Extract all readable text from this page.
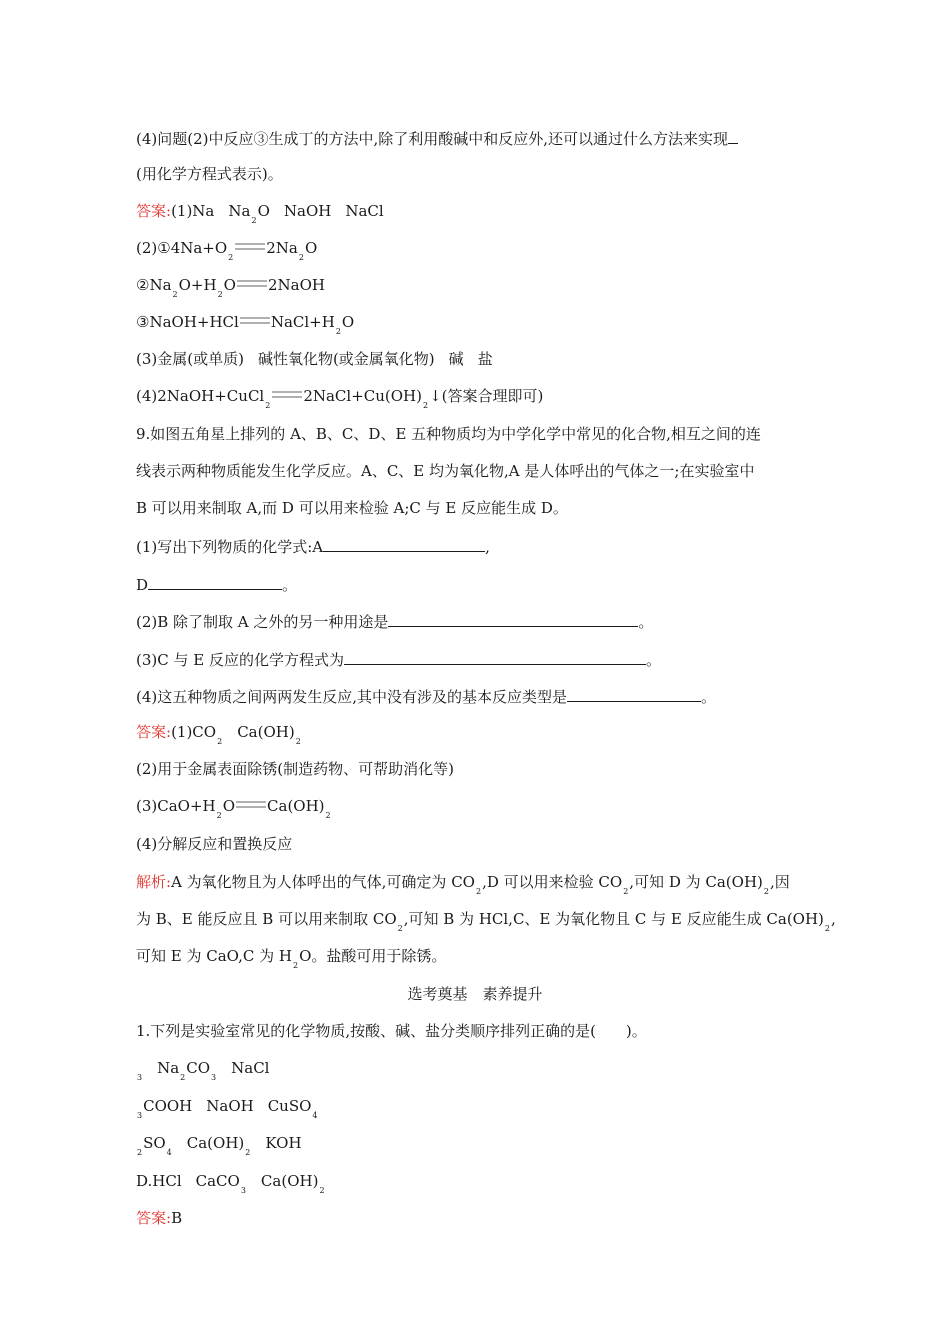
(4)问题(2)中反应③生成丁的方法中,除了利用酸碱中和反应外,还可以通过什么方法来实现
(用化学方程式表示)。
答案:(1)Na $Na_2O$ NaOH NaCl
$(2)①4Na+O_22Na_2O$
$②Na_2O+H_2O$ 2NaOH
③NaOH+HCl $NaCl+H_2O$
(3)金属(或单质) 碱性氧化物(或金属氧化物) 碱 盐
$(4)2NaOH+CuCl_22NaCl+Cu(OH)_2↓$(答案合理即可)
9.如图五角星上排列的 A、B、C、D、E 五种物质均为中学化学中常见的化合物,相互之间的连
线表示两种物质能发生化学反应。A、C、E 均为氧化物,A 是人体呼出的气体之一;在实验室中
B 可以用来制取 A,而 D 可以用来检验 A;C 与 E 反应能生成 D。
(1)写出下列物质的化学式:A	,
D	。
(2)B 除了制取 A 之外的另一种用途是	。
(3)C 与 E 反应的化学方程式为	。
(4)这五种物质之间两两发生反应,其中没有涉及的基本反应类型是	。
答案$:(1)CO_2Ca(OH)_2$
(2)用于金属表面除锈(制造药物、可帮助消化等)
$(3)CaO+H_2O$ $Ca(OH)_2$
(4)分解反应和置换反应
解析:A 为氧化物且为人体呼出的气体,可确定为 $CO_2,D$ 可以用来检验 $CO_2$,可知 D 为 $Ca(OH)_2$,因
为 B、E 能反应且 B 可以用来制取 $CO_2$,可知 B 为 HCl,C、E 为氧化物且 C 与 E 反应能生成 $Ca(OH)_2$,
可知 E 为 CaO,C 为 $H_2O$。盐酸可用于除锈。
选考奠基　素养提升
1.下列是实验室常见的化学物质,按酸、碱、盐分类顺序排列正确的是(　　)。
$_3Na_2CO_3NaCl$
$_3$COOH NaOH CuSO$_4$
$_2SO_4Ca(OH)_2KOH$
D.HCl $CaCO_3Ca(OH)_2$
答案:B
